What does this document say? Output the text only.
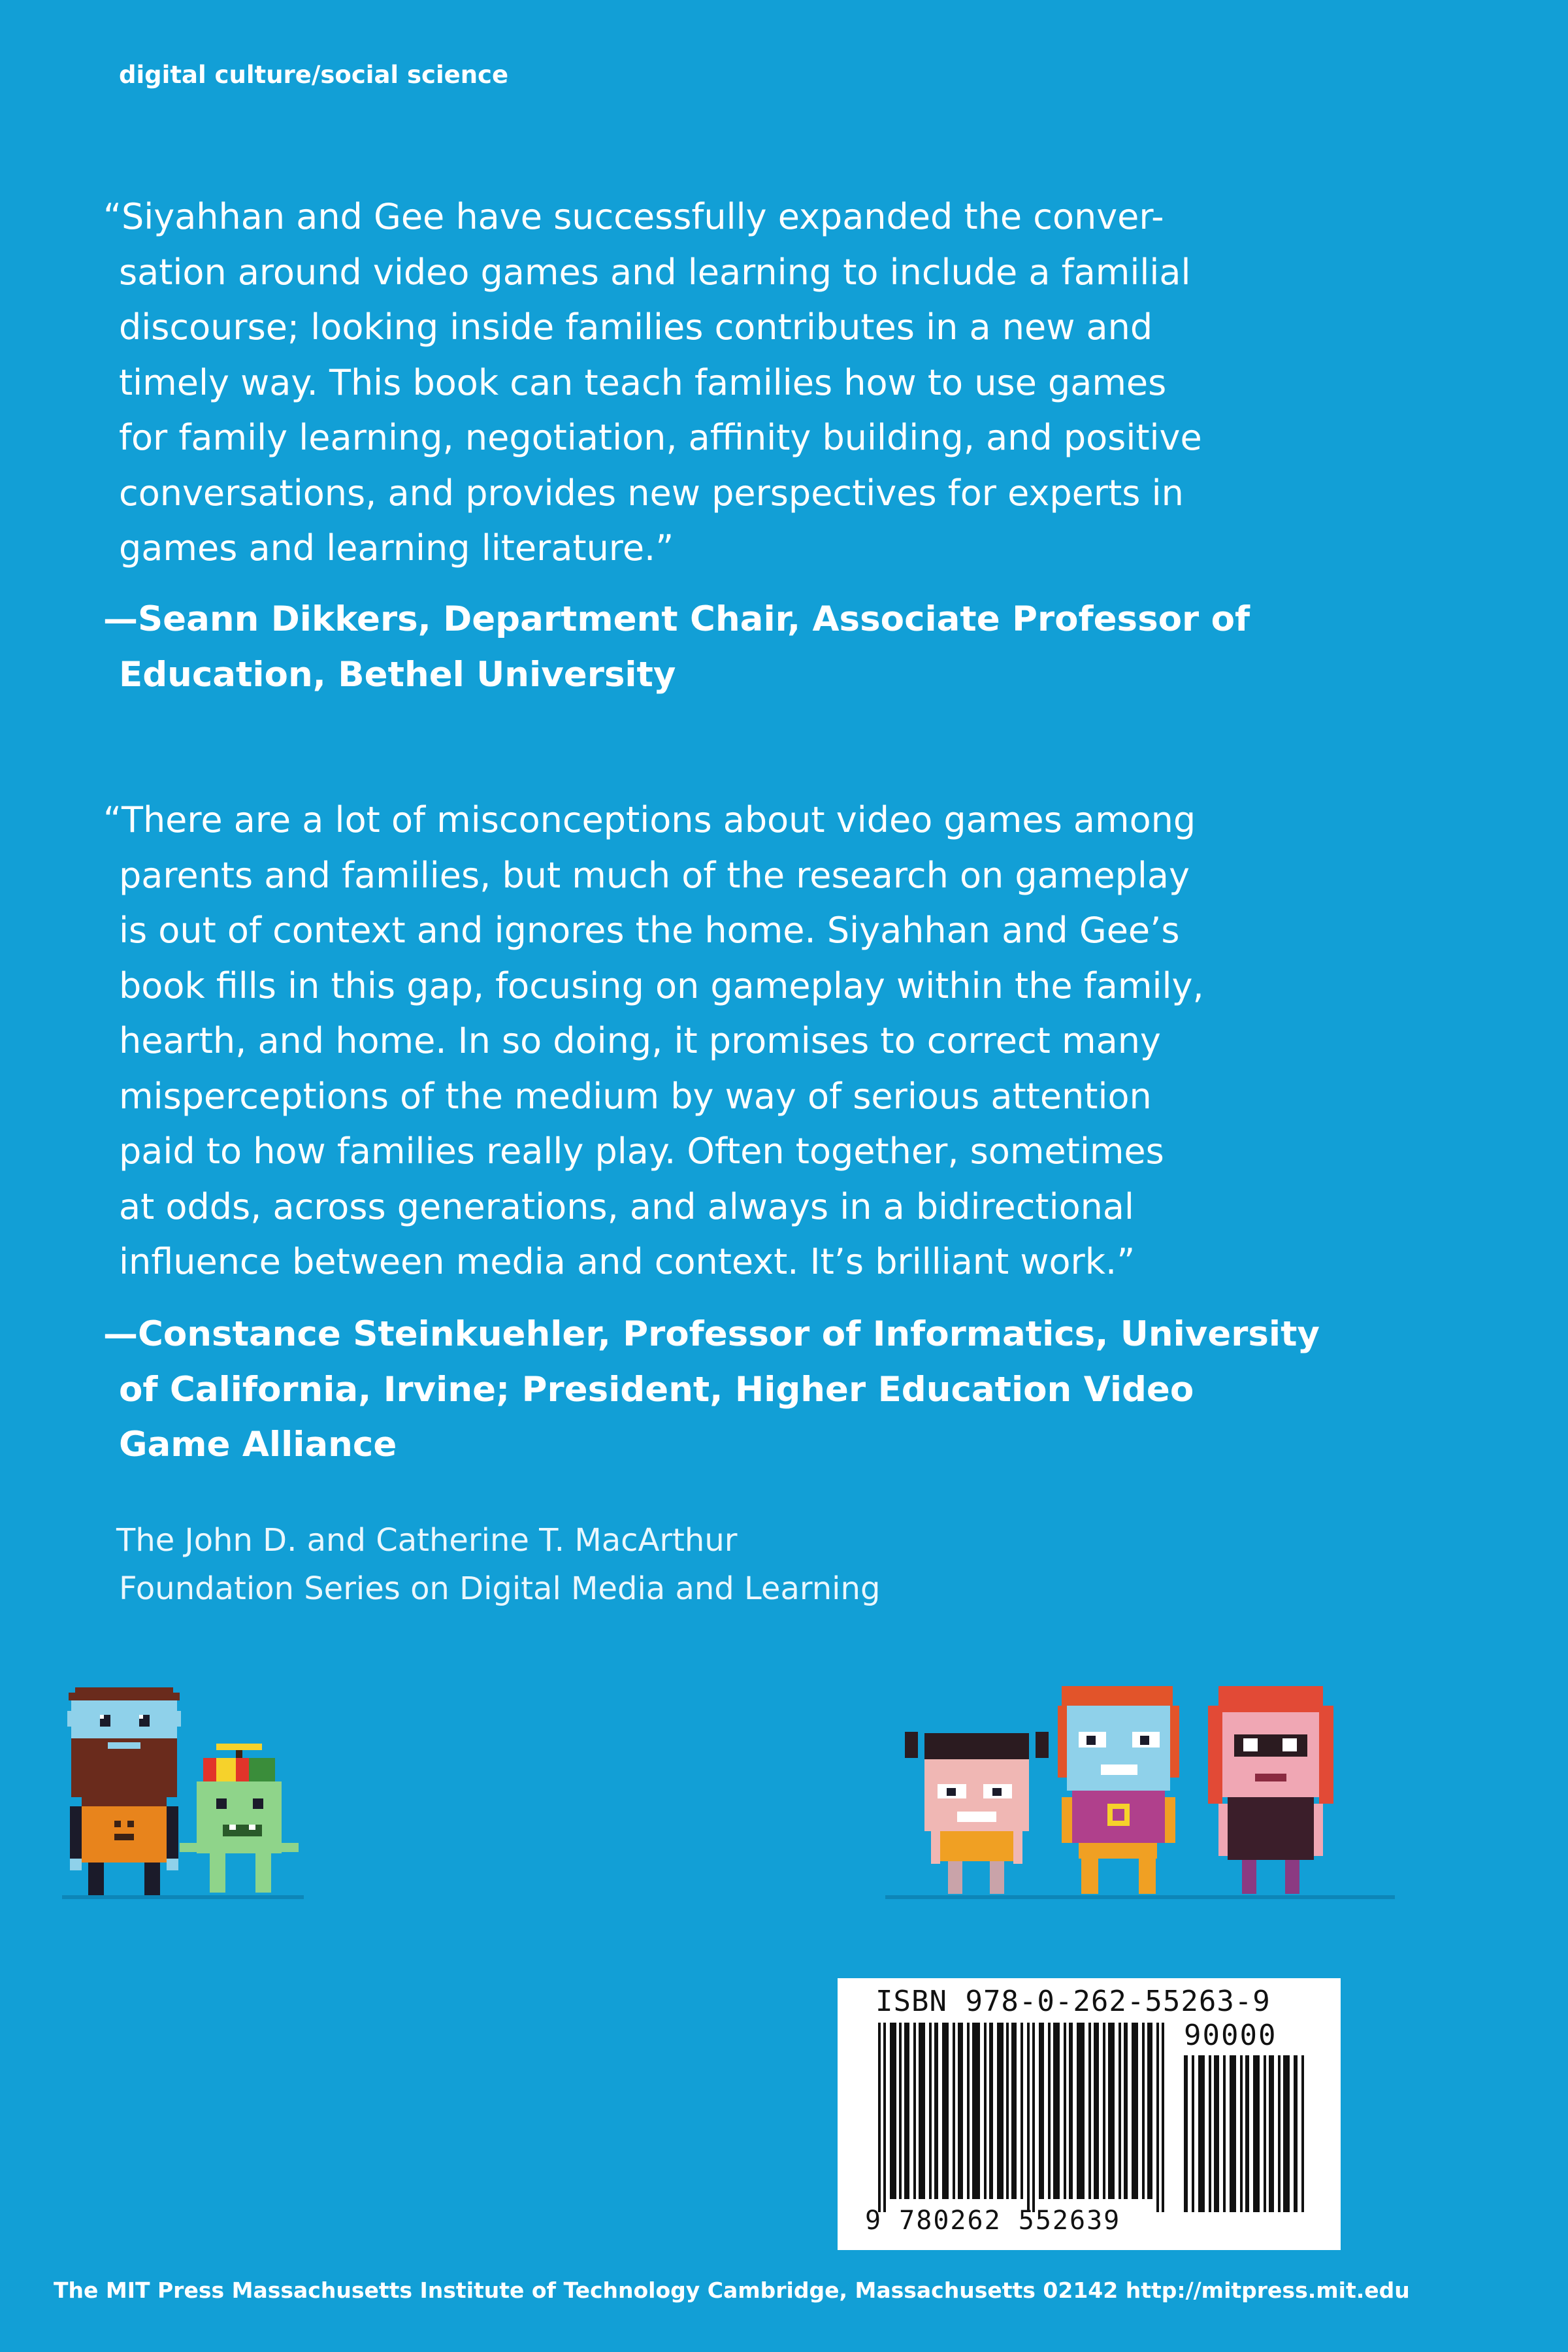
digital culture/social science
“Siyahhan and Gee have successfully expanded the conver-
sation around video games and learning to include a familial
discourse; looking inside families contributes in a new and
timely way. This book can teach families how to use games
for family learning, negotiation, affinity building, and positive
conversations, and provides new perspectives for experts in
games and learning literature.”
—Seann Dikkers, Department Chair, Associate Professor of
Education, Bethel University
“There are a lot of misconceptions about video games among
parents and families, but much of the research on gameplay
is out of context and ignores the home. Siyahhan and Gee’s
book fills in this gap, focusing on gameplay within the family,
hearth, and home. In so doing, it promises to correct many
misperceptions of the medium by way of serious attention
paid to how families really play. Often together, sometimes
at odds, across generations, and always in a bidirectional
influence between media and context. It’s brilliant work.”
—Constance Steinkuehler, Professor of Informatics, University
of California, Irvine; President, Higher Education Video
Game Alliance
The John D. and Catherine T. MacArthur
Foundation Series on Digital Media and Learning
ISBN 978-0-262-55263-9
90000
9 780262 552639
The MIT Press Massachusetts Institute of Technology Cambridge, Massachusetts 02142 http://mitpress.mit.edu
